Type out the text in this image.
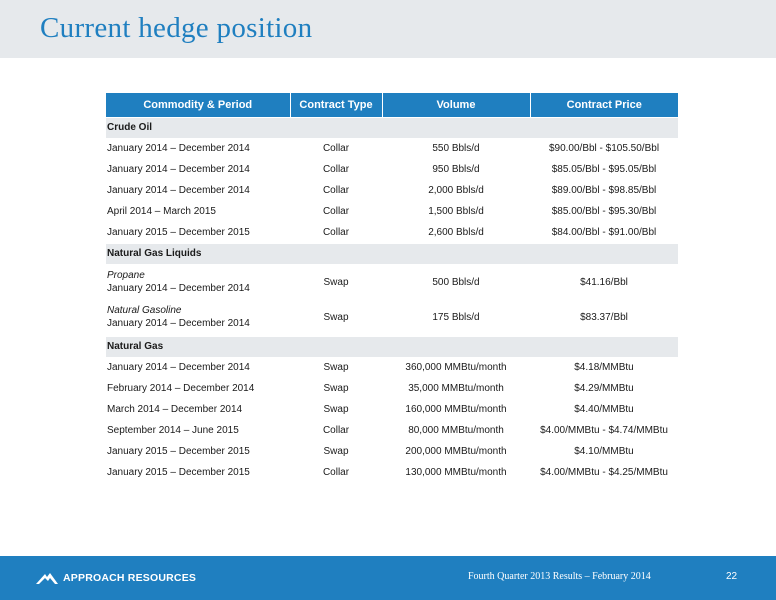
Current hedge position
Commodity & Period	Contract Type	Volume	Contract Price
Crude Oil			

January 2014 – December 2014	Collar	550 Bbls/d	$90.00/Bbl - $105.50/Bbl

January 2014 – December 2014	Collar	950 Bbls/d	$85.05/Bbl - $95.05/Bbl

January 2014 – December 2014	Collar	2,000 Bbls/d	$89.00/Bbl - $98.85/Bbl

April 2014 – March 2015	Collar	1,500 Bbls/d	$85.00/Bbl - $95.30/Bbl

January 2015 – December 2015	Collar	2,600 Bbls/d	$84.00/Bbl - $91.00/Bbl
Natural Gas Liquids			

Propane
January 2014 – December 2014	Swap	500 Bbls/d	$41.16/Bbl

Natural Gasoline
January 2014 – December 2014	Swap	175 Bbls/d	$83.37/Bbl
Natural Gas			

January 2014 – December 2014	Swap	360,000 MMBtu/month	$4.18/MMBtu

February 2014 – December 2014	Swap	35,000 MMBtu/month	$4.29/MMBtu

March 2014 – December 2014	Swap	160,000 MMBtu/month	$4.40/MMBtu

September 2014 – June 2015	Collar	80,000 MMBtu/month	$4.00/MMBtu - $4.74/MMBtu

January 2015 – December 2015	Swap	200,000 MMBtu/month	$4.10/MMBtu

January 2015 – December 2015	Collar	130,000 MMBtu/month	$4.00/MMBtu - $4.25/MMBtu
APPROACH RESOURCES	Fourth Quarter 2013 Results – February 2014	22
